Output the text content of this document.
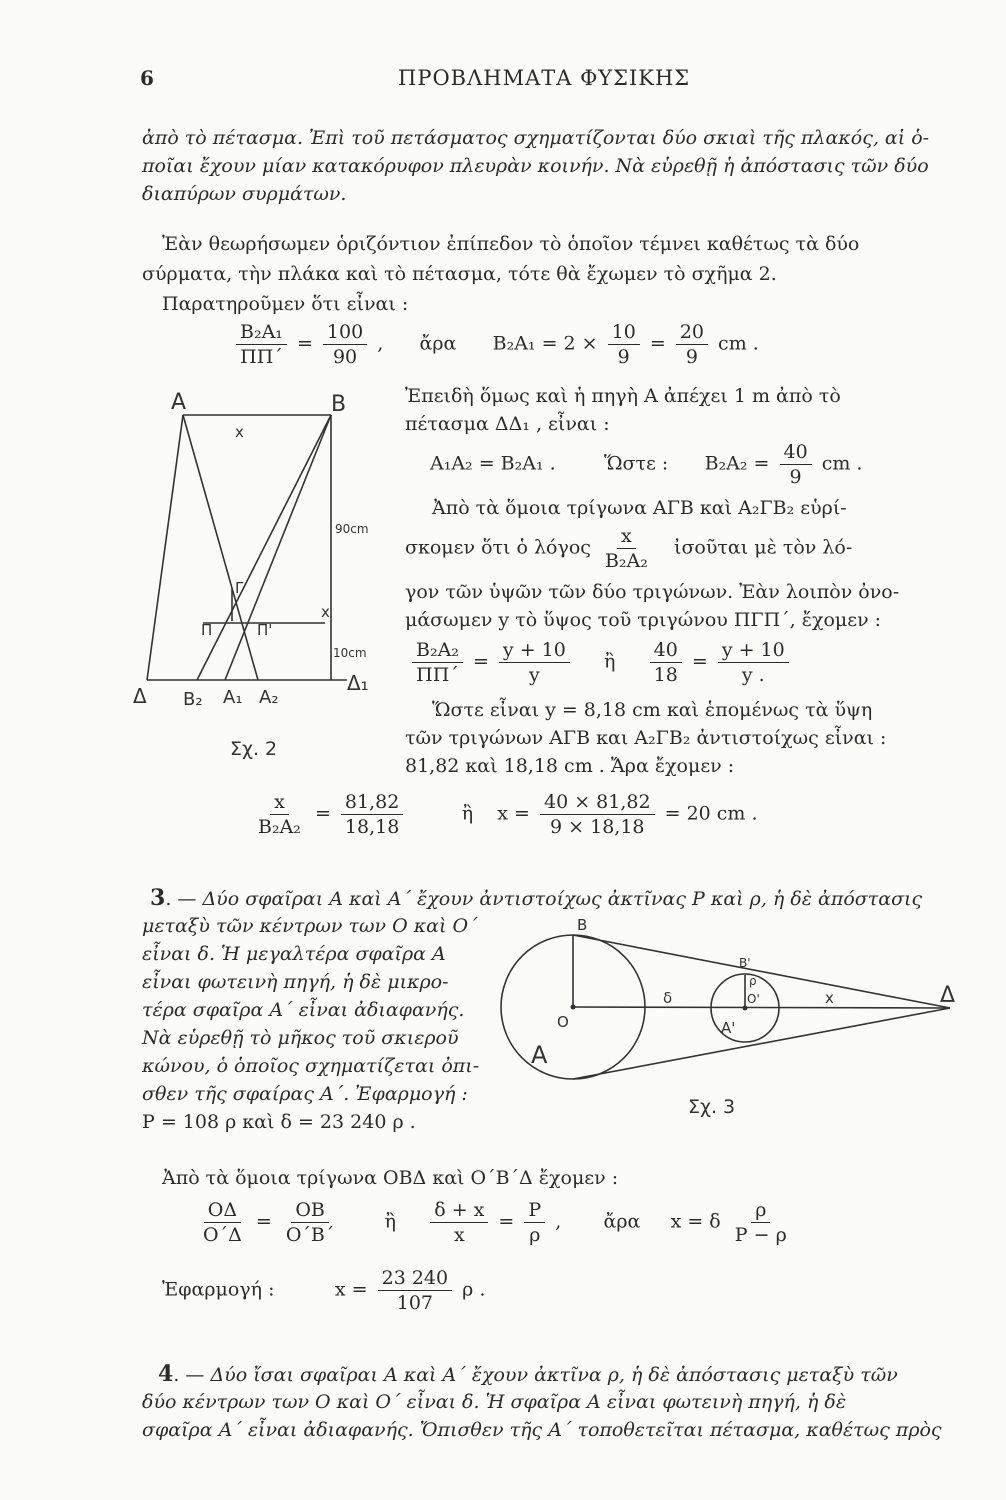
6	ΠΡΟΒΛΗΜΑΤΑ ΦΥΣΙΚΗΣ
ἀπὸ τὸ πέτασμα. Ἐπὶ τοῦ πετάσματος σχηματίζονται δύο σκιαὶ τῆς πλακός, αἱ ὁ-
ποῖαι ἔχουν μίαν κατακόρυφον πλευρὰν κοινήν. Νὰ εὑρεθῇ ἡ ἀπόστασις τῶν δύο
διαπύρων συρμάτων.
Ἐὰν θεωρήσωμεν ὁριζόντιον ἐπίπεδον τὸ ὁποῖον τέμνει καθέτως τὰ δύο
σύρματα, τὴν πλάκα καὶ τὸ πέτασμα, τότε θὰ ἔχωμεν τὸ σχῆμα 2.
Παρατηροῦμεν ὅτι εἶναι :
$\frac{\text{B₂A₁}}{\Pi\Pi΄} = \frac{100}{90}$ ,      ἄρα $B_2A_1 = 2 \times \frac{10}{9} = \frac{20}{9}$ cm .
A	B
x
90cm
Γ
Π	Π'
x
10cm
Δ B₂ A₁ A₂
Δ₁
Σχ. 2
Ἐπειδὴ ὅμως καὶ ἡ πηγὴ Α ἀπέχει 1 m ἀπὸ τὸ
πέτασμα ΔΔ₁ , εἶναι :
A₁A₂ = B₂A₁ .	Ὥστε : $B_2A_2 = \frac{40}{9}$ cm .
Ἀπὸ τὰ ὅμοια τρίγωνα ΑΓΒ καὶ Α₂ΓΒ₂ εὑρί-
σκομεν ὅτι ὁ λόγος $\frac{x}{\text{B₂A₂}}$ ἰσοῦται μὲ τὸν λό-
γον τῶν ὑψῶν τῶν δύο τριγώνων. Ἐὰν λοιπὸν ὀνο-
μάσωμεν y τὸ ὕψος τοῦ τριγώνου ΠΓΠ΄, ἔχομεν :
$\frac{\text{B₂A₂}}{\Pi\Pi΄} = \frac{y + 10}{y}$ ἢ $\frac{40}{18} = \frac{y + 10}{y .}$
Ὥστε εἶναι y = 8,18 cm καὶ ἑπομένως τὰ ὕψη
τῶν τριγώνων ΑΓΒ και Α₂ΓΒ₂ ἀντιστοίχως εἶναι :
81,82 καὶ 18,18 cm . Ἄρα ἔχομεν :
$\frac{x}{\text{B₂A₂}} = \frac{81,82}{18,18}$	ἢ $x = \frac{40 \times 81,82}{9 \times 18,18} = 20$ cm .
3. — Δύο σφαῖραι Α καὶ Α΄ ἔχουν ἀντιστοίχως ἀκτῖνας P καὶ ρ, ἡ δὲ ἀπόστασις
μεταξὺ τῶν κέντρων των Ο καὶ Ο΄
εἶναι δ. Ἡ μεγαλτέρα σφαῖρα Α
εἶναι φωτεινὴ πηγή, ἡ δὲ μικρο-
τέρα σφαῖρα Α΄ εἶναι ἀδιαφανής.
Νὰ εὑρεθῇ τὸ μῆκος τοῦ σκιεροῦ
κώνου, ὁ ὁποῖος σχηματίζεται ὀπι-
σθεν τῆς σφαίρας Α΄. Ἐφαρμογή :
P = 108 ρ καὶ δ = 23 240 ρ .
B
B'
δ	x	Δ
O
O'
A
A'
ρ
Σχ. 3
Ἀπὸ τὰ ὅμοια τρίγωνα ΟΒΔ καὶ Ο΄Β΄Δ ἔχομεν :
$\frac{O\Delta}{O΄\Delta} = \frac{OB}{O΄B΄}$ ἢ $\frac{\delta + x}{x} = \frac{P}{\rho}$ ,       ἄρα x = δ $\frac{\rho}{P - \rho}$
Ἐφαρμογή :	$x = \frac{23 240}{107}$ ρ .
4. — Δύο ἴσαι σφαῖραι Α καὶ Α΄ ἔχουν ἀκτῖνα ρ, ἡ δὲ ἀπόστασις μεταξὺ τῶν
δύο κέντρων των Ο καὶ Ο΄ εἶναι δ. Ἡ σφαῖρα Α εἶναι φωτεινὴ πηγή, ἡ δὲ
σφαῖρα Α΄ εἶναι ἀδιαφανής. Ὄπισθεν τῆς Α΄ τοποθετεῖται πέτασμα, καθέτως πρὸς
